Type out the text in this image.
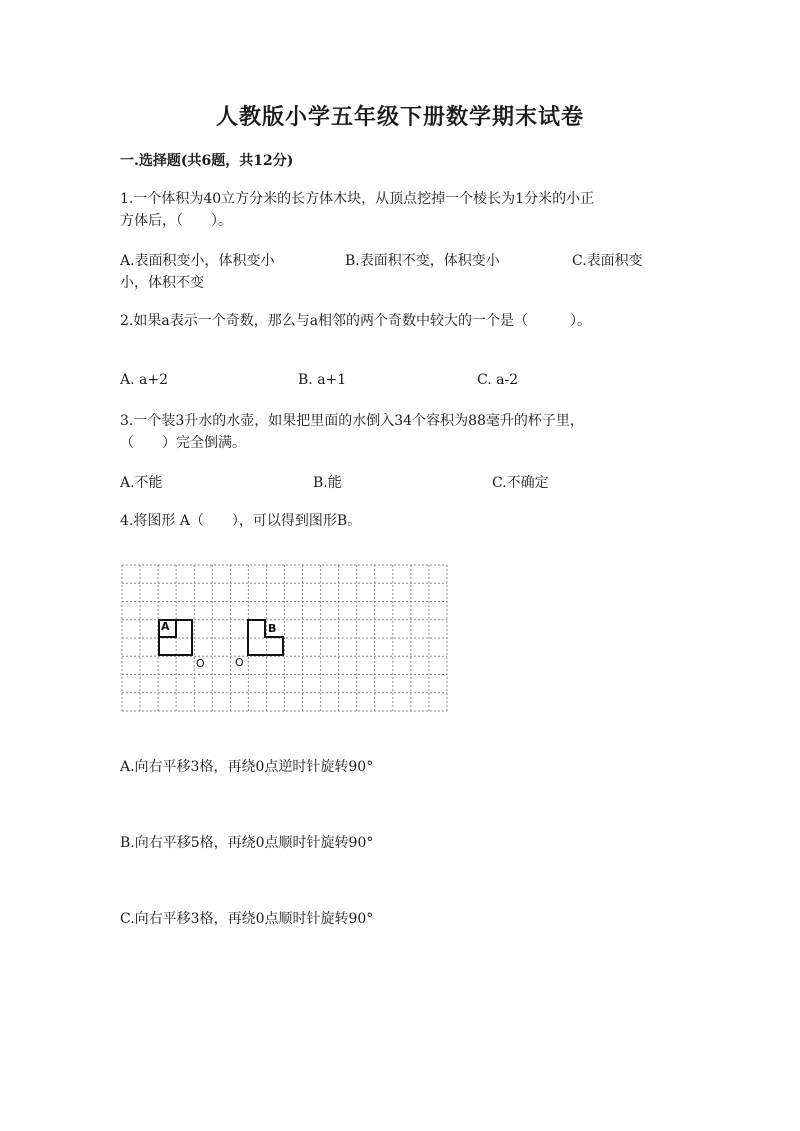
人教版小学五年级下册数学期末试卷
一.选择题(共6题，共12分)
1.一个体积为40立方分米的长方体木块，从顶点挖掉一个棱长为1分米的小正
方体后，（　　）。
A.表面积变小，体积变小	B.表面积不变，体积变小	C.表面积变
小，体积不变
2.如果a表示一个奇数，那么与a相邻的两个奇数中较大的一个是（　　　）。
A. a+2	B. a+1	C. a-2
3.一个装3升水的水壶，如果把里面的水倒入34个容积为88毫升的杯子里，
（　　）完全倒满。
A.不能	B.能	C.不确定
4.将图形 A（　　），可以得到图形B。
A	B
O	O
A.向右平移3格，再绕0点逆时针旋转90°
B.向右平移5格，再绕0点顺时针旋转90°
C.向右平移3格，再绕0点顺时针旋转90°
